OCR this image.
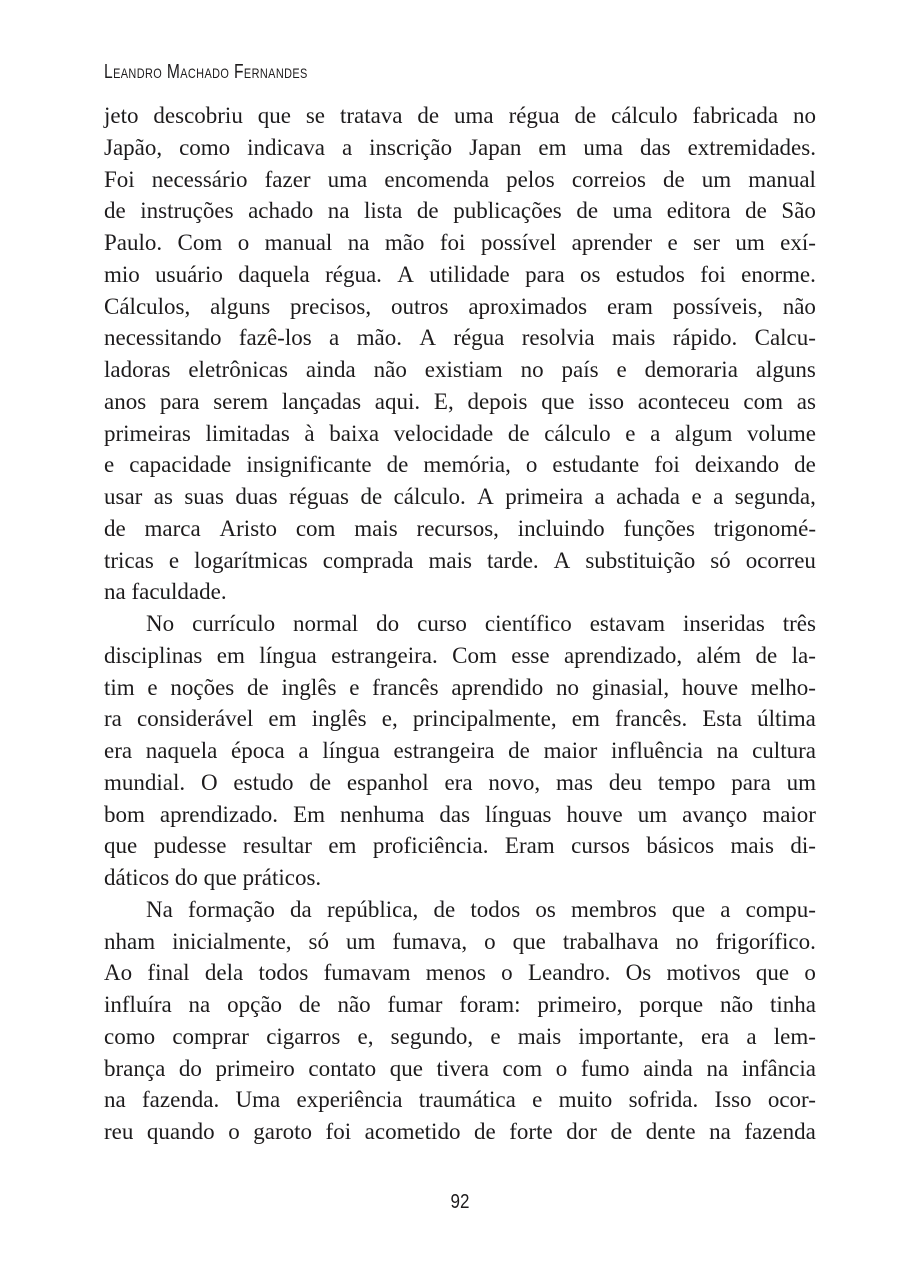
Leandro Machado Fernandes

jeto descobriu que se tratava de uma régua de cálculo fabricada no
Japão, como indicava a inscrição Japan em uma das extremidades.
Foi necessário fazer uma encomenda pelos correios de um manual
de instruções achado na lista de publicações de uma editora de São
Paulo. Com o manual na mão foi possível aprender e ser um exí-
mio usuário daquela régua. A utilidade para os estudos foi enorme.
Cálculos, alguns precisos, outros aproximados eram possíveis, não
necessitando fazê-los a mão. A régua resolvia mais rápido. Calcu-
ladoras eletrônicas ainda não existiam no país e demoraria alguns
anos para serem lançadas aqui. E, depois que isso aconteceu com as
primeiras limitadas à baixa velocidade de cálculo e a algum volume
e capacidade insignificante de memória, o estudante foi deixando de
usar as suas duas réguas de cálculo. A primeira a achada e a segunda,
de marca Aristo com mais recursos, incluindo funções trigonomé-
tricas e logarítmicas comprada mais tarde. A substituição só ocorreu
na faculdade.

No currículo normal do curso científico estavam inseridas três
disciplinas em língua estrangeira. Com esse aprendizado, além de la-
tim e noções de inglês e francês aprendido no ginasial, houve melho-
ra considerável em inglês e, principalmente, em francês. Esta última
era naquela época a língua estrangeira de maior influência na cultura
mundial. O estudo de espanhol era novo, mas deu tempo para um
bom aprendizado. Em nenhuma das línguas houve um avanço maior
que pudesse resultar em proficiência. Eram cursos básicos mais di-
dáticos do que práticos.

Na formação da república, de todos os membros que a compu-
nham inicialmente, só um fumava, o que trabalhava no frigorífico.
Ao final dela todos fumavam menos o Leandro. Os motivos que o
influíra na opção de não fumar foram: primeiro, porque não tinha
como comprar cigarros e, segundo, e mais importante, era a lem-
brança do primeiro contato que tivera com o fumo ainda na infância
na fazenda. Uma experiência traumática e muito sofrida. Isso ocor-
reu quando o garoto foi acometido de forte dor de dente na fazenda

92
